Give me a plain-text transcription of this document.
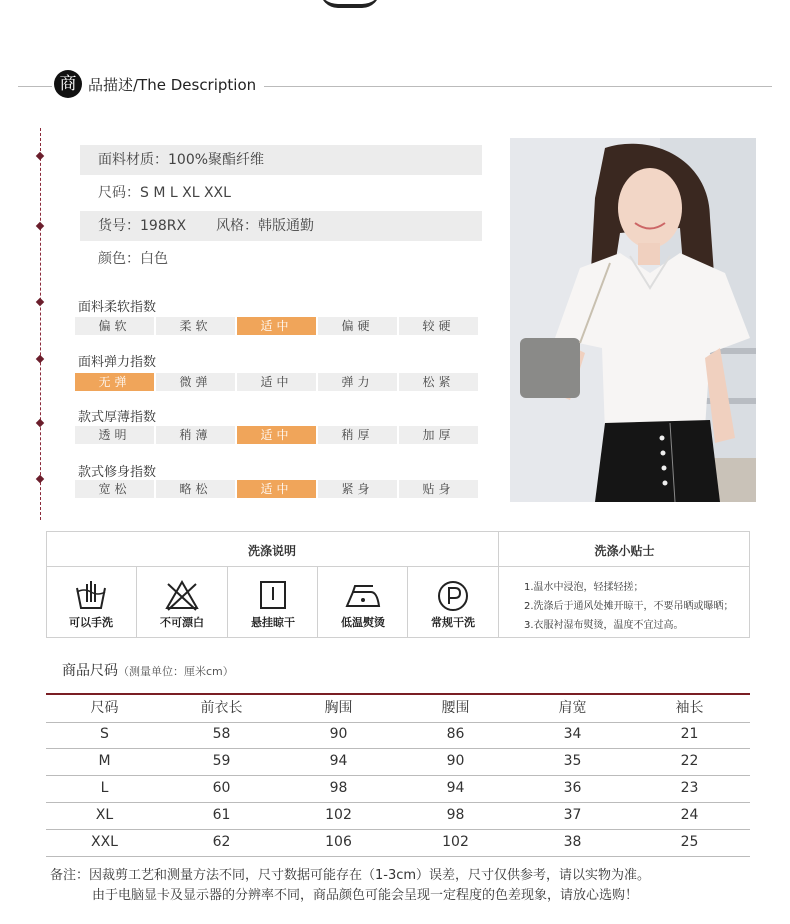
商 品描述/The Description
面料材质：100%聚酯纤维
尺码：S M L XL XXL
货号：198RX 风格：韩版通勤
颜色：白色
面料柔软指数
偏软	柔软	适中	偏硬	较硬
面料弹力指数
无弹	微弹	适中	弹力	松紧
款式厚薄指数
透明	稍薄	适中	稍厚	加厚
款式修身指数
宽松	略松	适中	紧身	贴身
洗涤说明	洗涤小贴士
可以手洗	不可漂白	悬挂晾干	低温熨烫	常规干洗
1.温水中浸泡，轻揉轻搓；
2.洗涤后于通风处摊开晾干，不要吊晒或曝晒；
3.衣服衬湿布熨烫，温度不宜过高。
商品尺码（测量单位：厘米cm）
尺码	前衣长	胸围	腰围	肩宽	袖长
S	58	90	86	34	21
M	59	94	90	35	22
L	60	98	94	36	23
XL	61	102	98	37	24
XXL	62	106	102	38	25
备注：因裁剪工艺和测量方法不同，尺寸数据可能存在（1-3cm）误差，尺寸仅供参考，请以实物为准。
由于电脑显卡及显示器的分辨率不同，商品颜色可能会呈现一定程度的色差现象，请放心选购！
